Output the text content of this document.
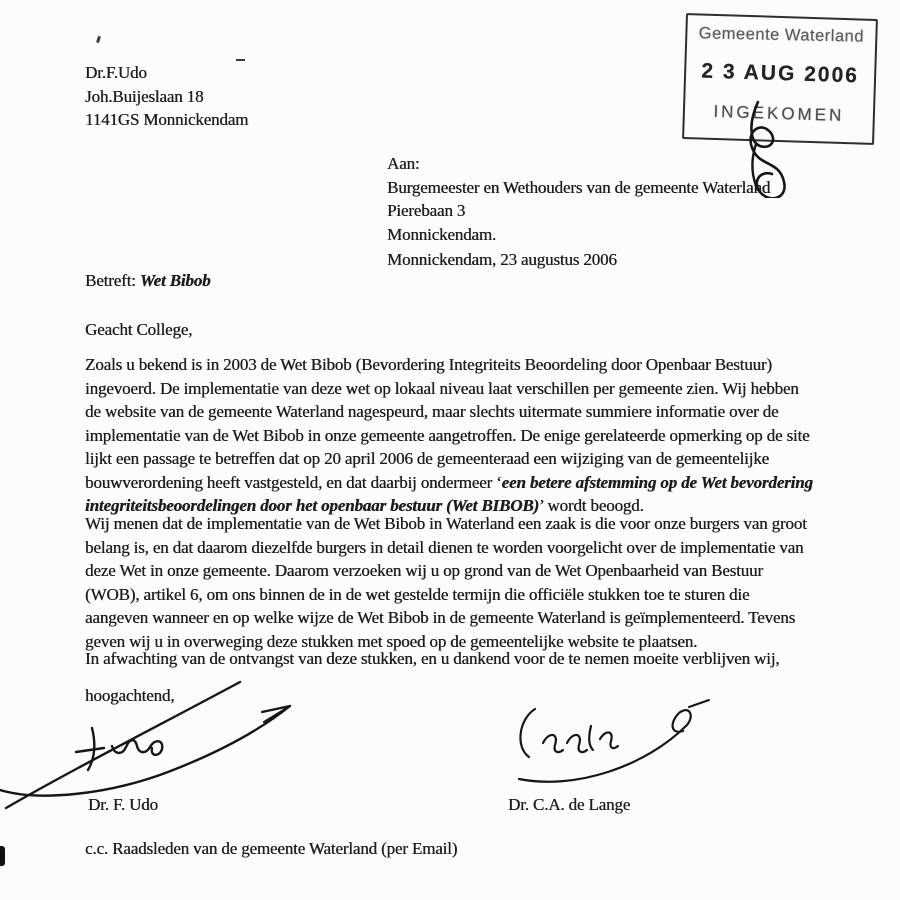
Dr.F.Udo
Joh.Buijeslaan 18
1141GS Monnickendam
Gemeente Waterland
2 3 AUG 2006
INGEKOMEN
Aan:
Burgemeester en Wethouders van de gemeente Waterland
Pierebaan 3
Monnickendam.
Monnickendam, 23 augustus 2006
Betreft: Wet Bibob
Geacht College,
Zoals u bekend is in 2003 de Wet Bibob (Bevordering Integriteits Beoordeling door Openbaar Bestuur)
ingevoerd. De implementatie van deze wet op lokaal niveau laat verschillen per gemeente zien. Wij hebben
de website van de gemeente Waterland nagespeurd, maar slechts uitermate summiere informatie over de
implementatie van de Wet Bibob in onze gemeente aangetroffen. De enige gerelateerde opmerking op de site
lijkt een passage te betreffen dat op 20 april 2006 de gemeenteraad een wijziging van de gemeentelijke
bouwverordening heeft vastgesteld, en dat daarbij ondermeer ‘een betere afstemming op de Wet bevordering
integriteitsbeoordelingen door het openbaar bestuur (Wet BIBOB)’ wordt beoogd.
Wij menen dat de implementatie van de Wet Bibob in Waterland een zaak is die voor onze burgers van groot
belang is, en dat daarom diezelfde burgers in detail dienen te worden voorgelicht over de implementatie van
deze Wet in onze gemeente. Daarom verzoeken wij u op grond van de Wet Openbaarheid van Bestuur
(WOB), artikel 6, om ons binnen de in de wet gestelde termijn die officiële stukken toe te sturen die
aangeven wanneer en op welke wijze de Wet Bibob in de gemeente Waterland is geïmplementeerd. Tevens
geven wij u in overweging deze stukken met spoed op de gemeentelijke website te plaatsen.
In afwachting van de ontvangst van deze stukken, en u dankend voor de te nemen moeite verblijven wij,
hoogachtend,
Dr. F. Udo	Dr. C.A. de Lange
c.c. Raadsleden van de gemeente Waterland (per Email)
